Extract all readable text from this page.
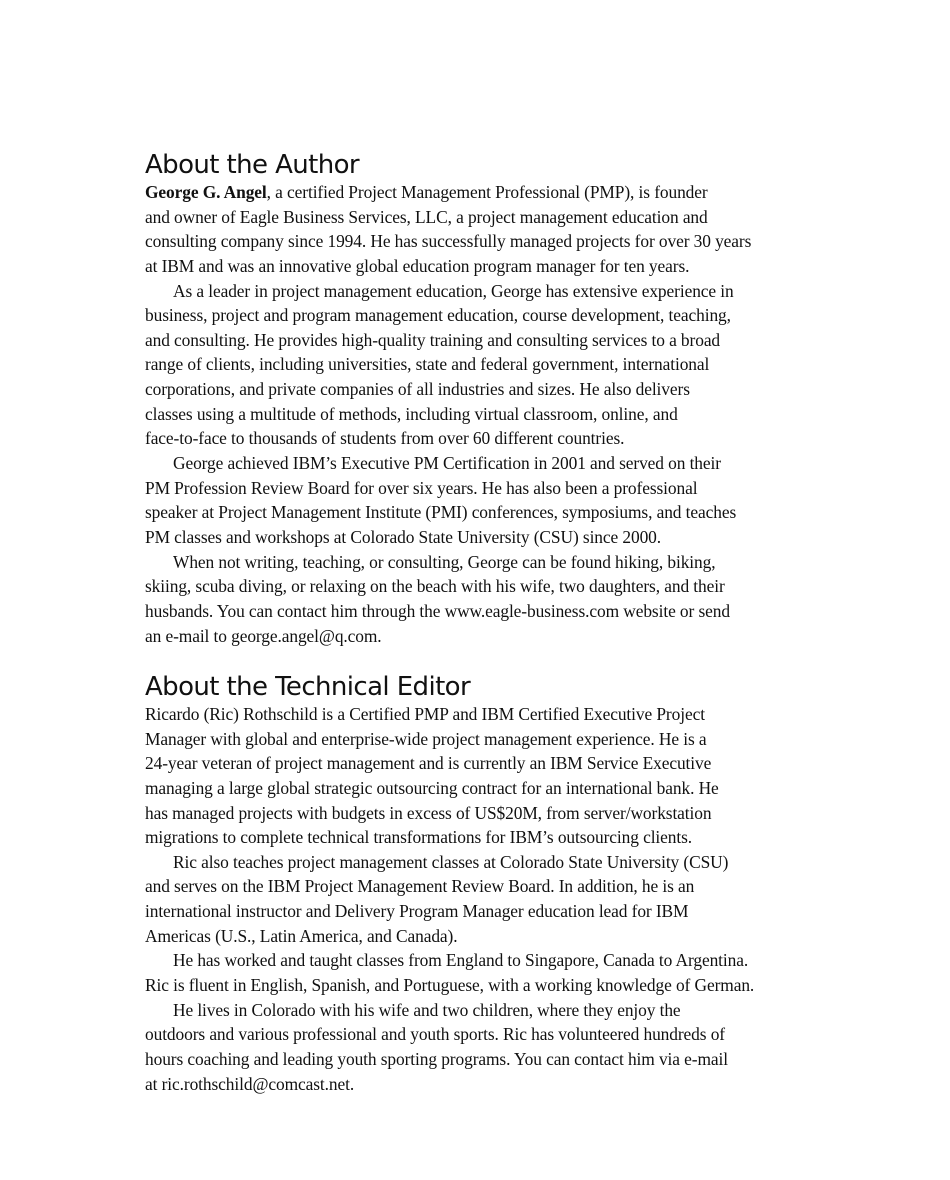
About the Author
George G. Angel, a certified Project Management Professional (PMP), is founder
and owner of Eagle Business Services, LLC, a project management education and
consulting company since 1994. He has successfully managed projects for over 30 years
at IBM and was an innovative global education program manager for ten years.
As a leader in project management education, George has extensive experience in
business, project and program management education, course development, teaching,
and consulting. He provides high-quality training and consulting services to a broad
range of clients, including universities, state and federal government, international
corporations, and private companies of all industries and sizes. He also delivers
classes using a multitude of methods, including virtual classroom, online, and
face-to-face to thousands of students from over 60 different countries.
George achieved IBM’s Executive PM Certification in 2001 and served on their
PM Profession Review Board for over six years. He has also been a professional
speaker at Project Management Institute (PMI) conferences, symposiums, and teaches
PM classes and workshops at Colorado State University (CSU) since 2000.
When not writing, teaching, or consulting, George can be found hiking, biking,
skiing, scuba diving, or relaxing on the beach with his wife, two daughters, and their
husbands. You can contact him through the www.eagle-business.com website or send
an e-mail to george.angel@q.com.
About the Technical Editor
Ricardo (Ric) Rothschild is a Certified PMP and IBM Certified Executive Project
Manager with global and enterprise-wide project management experience. He is a
24-year veteran of project management and is currently an IBM Service Executive
managing a large global strategic outsourcing contract for an international bank. He
has managed projects with budgets in excess of US$20M, from server/workstation
migrations to complete technical transformations for IBM’s outsourcing clients.
Ric also teaches project management classes at Colorado State University (CSU)
and serves on the IBM Project Management Review Board. In addition, he is an
international instructor and Delivery Program Manager education lead for IBM
Americas (U.S., Latin America, and Canada).
He has worked and taught classes from England to Singapore, Canada to Argentina.
Ric is fluent in English, Spanish, and Portuguese, with a working knowledge of German.
He lives in Colorado with his wife and two children, where they enjoy the
outdoors and various professional and youth sports. Ric has volunteered hundreds of
hours coaching and leading youth sporting programs. You can contact him via e-mail
at ric.rothschild@comcast.net.
